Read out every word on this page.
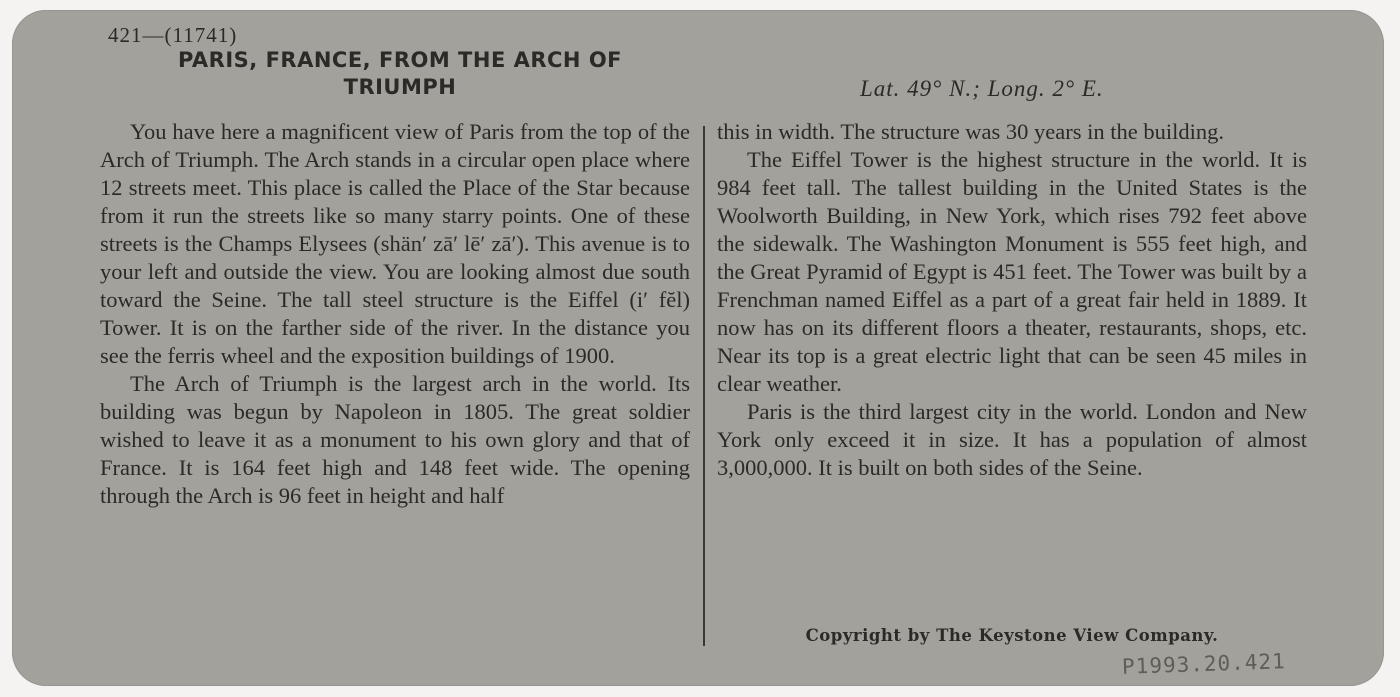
421—(11741)
PARIS, FRANCE, FROM THE ARCH OF
TRIUMPH	Lat. 49° N.; Long. 2° E.

You have here a magnificent view of Paris from the top of the Arch of Triumph. The Arch stands in a circular open place where 12 streets meet. This place is called the Place of the Star because from it run the streets like so many starry points. One of these streets is the Champs Elysees (shän′ zā′ lē′ zā′). This avenue is to your left and outside the view. You are looking almost due south toward the Seine. The tall steel structure is the Eiffel (i′ fĕl) Tower. It is on the farther side of the river. In the distance you see the ferris wheel and the exposition buildings of 1900.

The Arch of Triumph is the largest arch in the world. Its building was begun by Napoleon in 1805. The great soldier wished to leave it as a monument to his own glory and that of France. It is 164 feet high and 148 feet wide. The opening through the Arch is 96 feet in height and half

this in width. The structure was 30 years in the building.

The Eiffel Tower is the highest structure in the world. It is 984 feet tall. The tallest building in the United States is the Woolworth Building, in New York, which rises 792 feet above the sidewalk. The Washington Monument is 555 feet high, and the Great Pyramid of Egypt is 451 feet. The Tower was built by a Frenchman named Eiffel as a part of a great fair held in 1889. It now has on its different floors a theater, restaurants, shops, etc. Near its top is a great electric light that can be seen 45 miles in clear weather.

Paris is the third largest city in the world. London and New York only exceed it in size. It has a population of almost 3,000,000. It is built on both sides of the Seine.

Copyright by The Keystone View Company.
P1993.20.421
